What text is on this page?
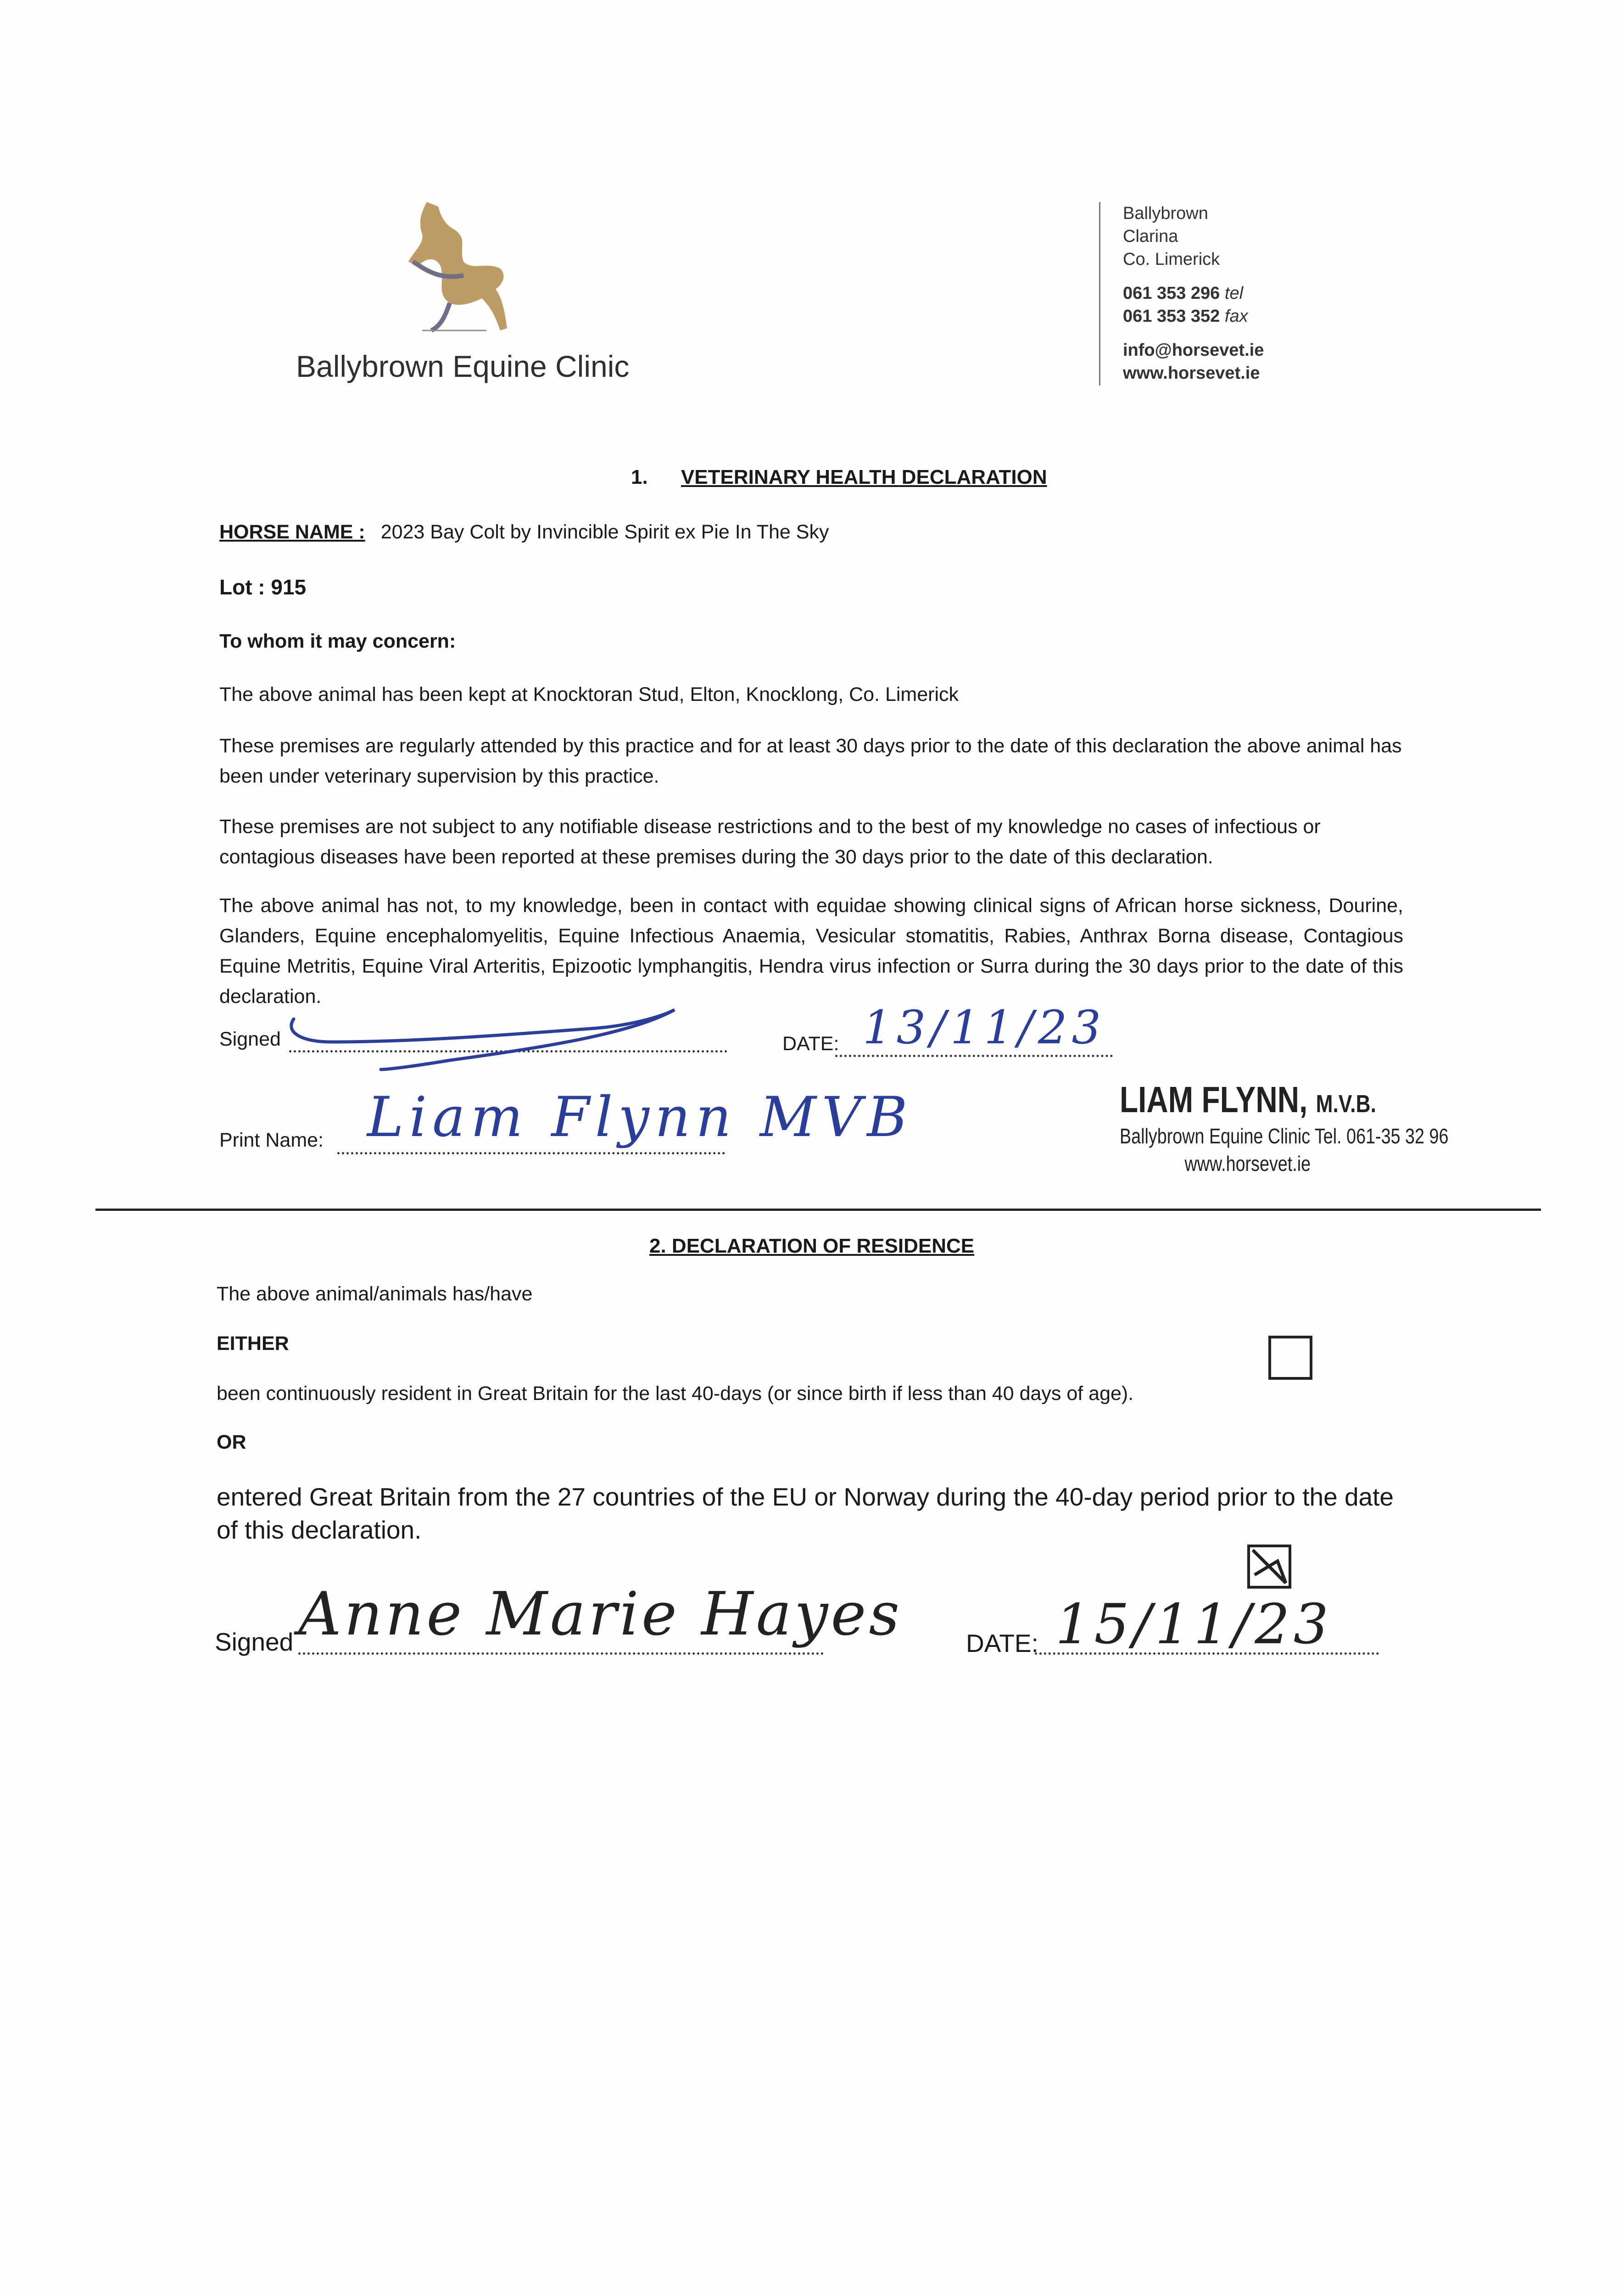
Ballybrown Equine Clinic
Ballybrown
Clarina
Co. Limerick
061 353 296 tel
061 353 352 fax
info@horsevet.ie
www.horsevet.ie
1. VETERINARY HEALTH DECLARATION
HORSE NAME : 2023 Bay Colt by Invincible Spirit ex Pie In The Sky
Lot : 915
To whom it may concern:
The above animal has been kept at Knocktoran Stud, Elton, Knocklong, Co. Limerick
These premises are regularly attended by this practice and for at least 30 days prior to the date of this declaration the above animal has been under veterinary supervision by this practice.
These premises are not subject to any notifiable disease restrictions and to the best of my knowledge no cases of infectious or contagious diseases have been reported at these premises during the 30 days prior to the date of this declaration.
The above animal has not, to my knowledge, been in contact with equidae showing clinical signs of African horse sickness, Dourine, Glanders, Equine encephalomyelitis, Equine Infectious Anaemia, Vesicular stomatitis, Rabies, Anthrax Borna disease, Contagious Equine Metritis, Equine Viral Arteritis, Epizootic lymphangitis, Hendra virus infection or Surra during the 30 days prior to the date of this declaration.
Signed	DATE: 13/11/23
Print Name: Liam Flynn MVB	LIAM FLYNN, M.V.B.
Ballybrown Equine Clinic Tel. 061-35 32 96
www.horsevet.ie
2. DECLARATION OF RESIDENCE
The above animal/animals has/have
EITHER
been continuously resident in Great Britain for the last 40-days (or since birth if less than 40 days of age).
OR
entered Great Britain from the 27 countries of the EU or Norway during the 40-day period prior to the date of this declaration.
Signed Anne Marie Hayes	DATE: 15/11/23
